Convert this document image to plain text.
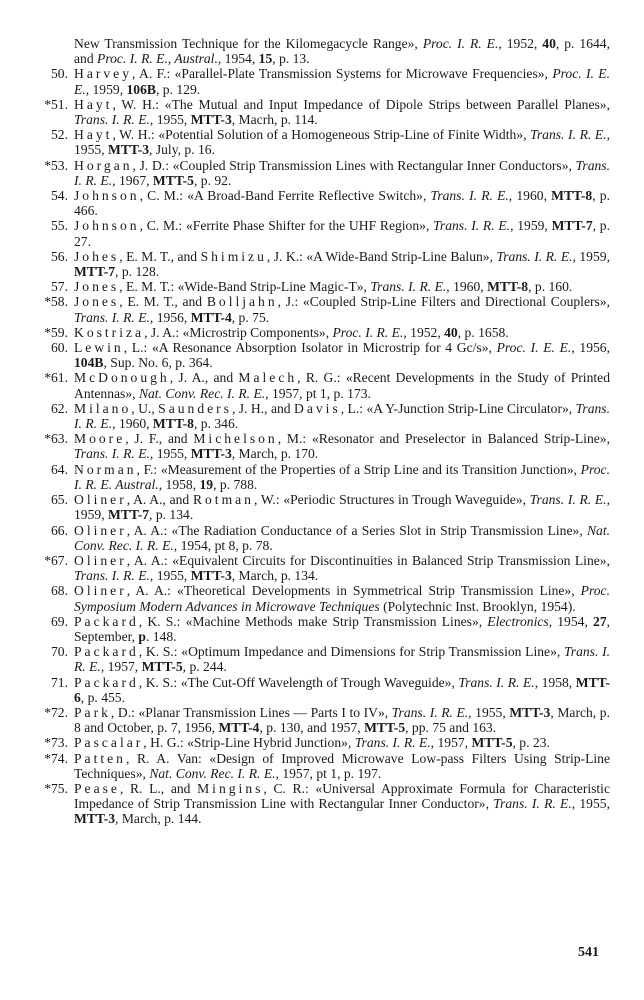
New Transmission Technique for the Kilomegacycle Range», Proc. I. R. E., 1952, 40, p. 1644, and Proc. I. R. E., Austral., 1954, 15, p. 13.
50. Harvey, A. F.: «Parallel-Plate Transmission Systems for Microwave Frequencies», Proc. I. E. E., 1959, 106B, p. 129.
*51. Hayt, W. H.: «The Mutual and Input Impedance of Dipole Strips between Parallel Planes», Trans. I. R. E., 1955, MTT-3, Macrh, p. 114.
52. Hayt, W. H.: «Potential Solution of a Homogeneous Strip-Line of Finite Width», Trans. I. R. E., 1955, MTT-3, July, p. 16.
*53. Horgan, J. D.: «Coupled Strip Transmission Lines with Rectangular Inner Conductors», Trans. I. R. E., 1967, MTT-5, p. 92.
54. Johnson, C. M.: «A Broad-Band Ferrite Reflective Switch», Trans. I. R. E., 1960, MTT-8, p. 466.
55. Johnson, C. M.: «Ferrite Phase Shifter for the UHF Region», Trans. I. R. E., 1959, MTT-7, p. 27.
56. Johes, E. M. T., and Shimizu, J. K.: «A Wide-Band Strip-Line Balun», Trans. I. R. E., 1959, MTT-7, p. 128.
57. Jones, E. M. T.: «Wide-Band Strip-Line Magic-T», Trans. I. R. E., 1960, MTT-8, p. 160.
*58. Jones, E. M. T., and Bolljahn, J.: «Coupled Strip-Line Filters and Directional Couplers», Trans. I. R. E., 1956, MTT-4, p. 75.
*59. Kostriza, J. A.: «Microstrip Components», Proc. I. R. E., 1952, 40, p. 1658.
60. Lewin, L.: «A Resonance Absorption Isolator in Microstrip for 4 Gc/s», Proc. I. E. E., 1956, 104B, Sup. No. 6, p. 364.
*61. McDonough, J. A., and Malech, R. G.: «Recent Developments in the Study of Printed Antennas», Nat. Conv. Rec. I. R. E., 1957, pt 1, p. 173.
62. Milano, U., Saunders, J. H., and Davis, L.: «A Y-Junction Strip-Line Circulator», Trans. I. R. E., 1960, MTT-8, p. 346.
*63. Moore, J. F., and Michelson, M.: «Resonator and Preselector in Balanced Strip-Line», Trans. I. R. E., 1955, MTT-3, March, p. 170.
64. Norman, F.: «Measurement of the Properties of a Strip Line and its Transition Junction», Proc. I. R. E. Austral., 1958, 19, p. 788.
65. Oliner, A. A., and Rotman, W.: «Periodic Structures in Trough Waveguide», Trans. I. R. E., 1959, MTT-7, p. 134.
66. Oliner, A. A.: «The Radiation Conductance of a Series Slot in Strip Transmission Line», Nat. Conv. Rec. I. R. E., 1954, pt 8, p. 78.
*67. Oliner, A. A.: «Equivalent Circuits for Discontinuities in Balanced Strip Transmission Line», Trans. I. R. E., 1955, MTT-3, March, p. 134.
68. Oliner, A. A.: «Theoretical Developments in Symmetrical Strip Transmission Line», Proc. Symposium Modern Advances in Microwave Techniques (Polytechnic Inst. Brooklyn, 1954).
69. Packard, K. S.: «Machine Methods make Strip Transmission Lines», Electronics, 1954, 27, September, p. 148.
70. Packard, K. S.: «Optimum Impedance and Dimensions for Strip Transmission Line», Trans. I. R. E., 1957, MTT-5, p. 244.
71. Packard, K. S.: «The Cut-Off Wavelength of Trough Waveguide», Trans. I. R. E., 1958, MTT-6, p. 455.
*72. Park, D.: «Planar Transmission Lines — Parts I to IV», Trans. I. R. E., 1955, MTT-3, March, p. 8 and October, p. 7, 1956, MTT-4, p. 130, and 1957, MTT-5, pp. 75 and 163.
*73. Pascalar, H. G.: «Strip-Line Hybrid Junction», Trans. I. R. E., 1957, MTT-5, p. 23.
*74. Patten, R. A. Van: «Design of Improved Microwave Low-pass Filters Using Strip-Line Techniques», Nat. Conv. Rec. I. R. E., 1957, pt 1, p. 197.
*75. Pease, R. L., and Mingins, C. R.: «Universal Approximate Formula for Characteristic Impedance of Strip Transmission Line with Rectangular Inner Conductor», Trans. I. R. E., 1955, MTT-3, March, p. 144.
541
